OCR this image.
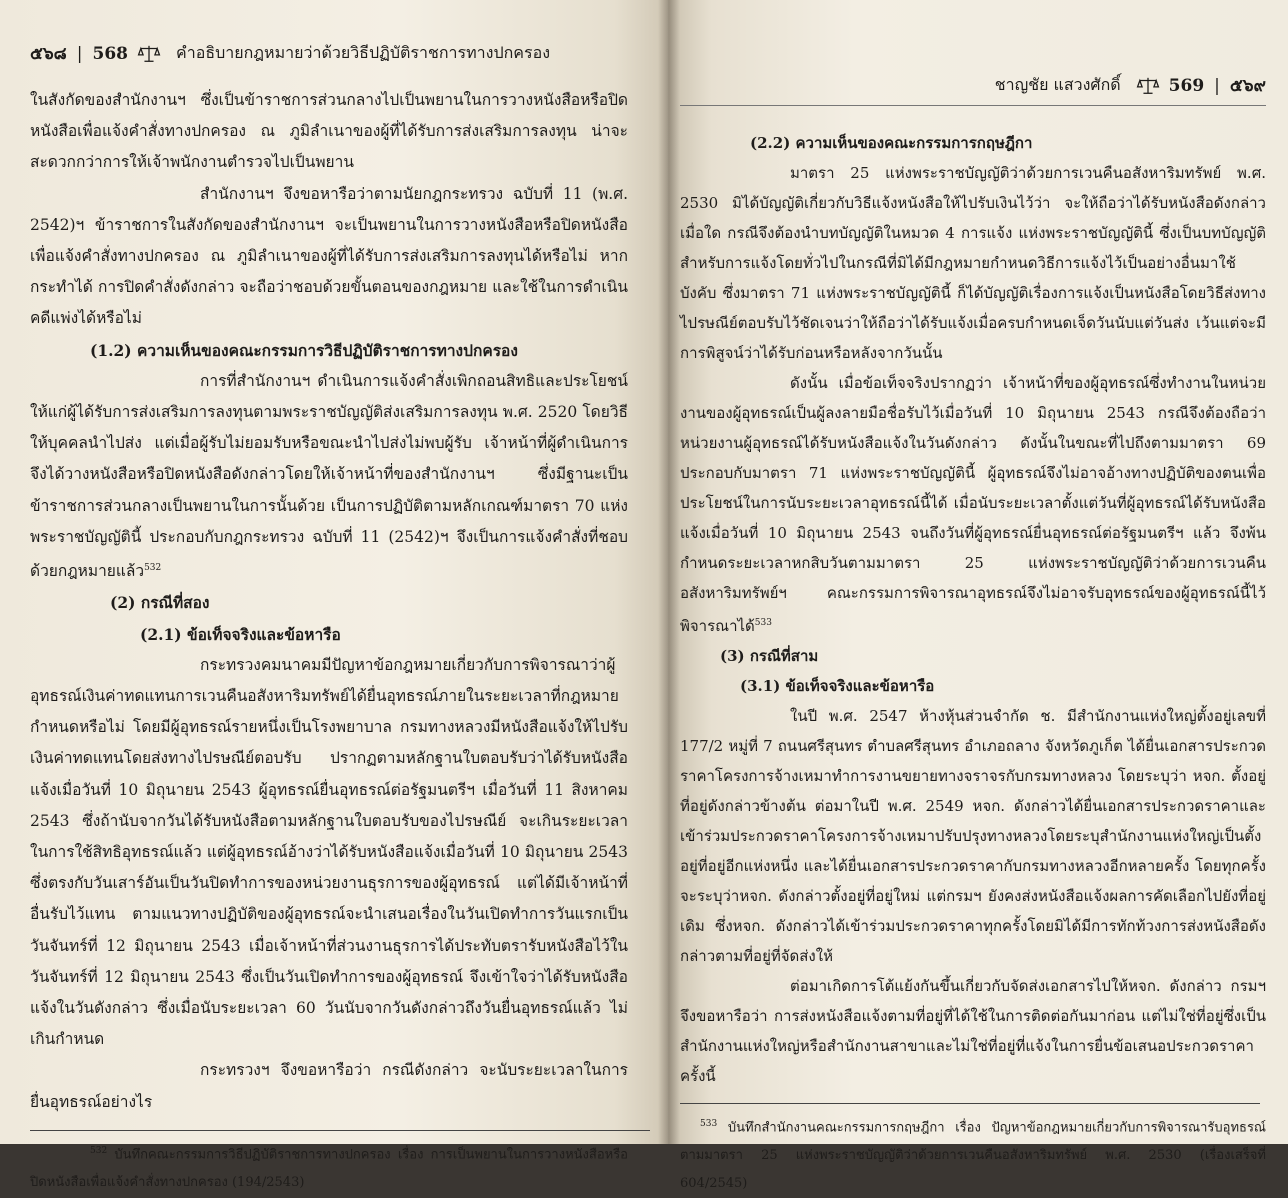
๕๖๘ | 568	คำอธิบายกฎหมายว่าด้วยวิธีปฏิบัติราชการทางปกครอง

ในสังกัดของสำนักงานฯ ซึ่งเป็นข้าราชการส่วนกลางไปเป็นพยานในการวางหนังสือหรือปิดหนังสือเพื่อแจ้งคำสั่งทางปกครอง ณ ภูมิลำเนาของผู้ที่ได้รับการส่งเสริมการลงทุน น่าจะสะดวกกว่าการให้เจ้าพนักงานตำรวจไปเป็นพยาน

สำนักงานฯ จึงขอหารือว่าตามนัยกฎกระทรวง ฉบับที่ 11 (พ.ศ. 2542)ฯ ข้าราชการในสังกัดของสำนักงานฯ จะเป็นพยานในการวางหนังสือหรือปิดหนังสือเพื่อแจ้งคำสั่งทางปกครอง ณ ภูมิลำเนาของผู้ที่ได้รับการส่งเสริมการลงทุนได้หรือไม่ หากกระทำได้ การปิดคำสั่งดังกล่าว จะถือว่าชอบด้วยขั้นตอนของกฎหมาย และใช้ในการดำเนินคดีแพ่งได้หรือไม่

(1.2) ความเห็นของคณะกรรมการวิธีปฏิบัติราชการทางปกครอง

การที่สำนักงานฯ ดำเนินการแจ้งคำสั่งเพิกถอนสิทธิและประโยชน์ให้แก่ผู้ได้รับการส่งเสริมการลงทุนตามพระราชบัญญัติส่งเสริมการลงทุน พ.ศ. 2520 โดยวิธีให้บุคคลนำไปส่ง แต่เมื่อผู้รับไม่ยอมรับหรือขณะนำไปส่งไม่พบผู้รับ เจ้าหน้าที่ผู้ดำเนินการ จึงได้วางหนังสือหรือปิดหนังสือดังกล่าวโดยให้เจ้าหน้าที่ของสำนักงานฯ ซึ่งมีฐานะเป็นข้าราชการส่วนกลางเป็นพยานในการนั้นด้วย เป็นการปฏิบัติตามหลักเกณฑ์มาตรา 70 แห่งพระราชบัญญัตินี้ ประกอบกับกฎกระทรวง ฉบับที่ 11 (2542)ฯ จึงเป็นการแจ้งคำสั่งที่ชอบด้วยกฎหมายแล้ว$^{532}$

(2) กรณีที่สอง

(2.1) ข้อเท็จจริงและข้อหารือ

กระทรวงคมนาคมมีปัญหาข้อกฎหมายเกี่ยวกับการพิจารณาว่าผู้อุทธรณ์เงินค่าทดแทนการเวนคืนอสังหาริมทรัพย์ได้ยื่นอุทธรณ์ภายในระยะเวลาที่กฎหมายกำหนดหรือไม่ โดยมีผู้อุทธรณ์รายหนึ่งเป็นโรงพยาบาล กรมทางหลวงมีหนังสือแจ้งให้ไปรับเงินค่าทดแทนโดยส่งทางไปรษณีย์ตอบรับ ปรากฏตามหลักฐานใบตอบรับว่าได้รับหนังสือแจ้งเมื่อวันที่ 10 มิถุนายน 2543 ผู้อุทธรณ์ยื่นอุทธรณ์ต่อรัฐมนตรีฯ เมื่อวันที่ 11 สิงหาคม 2543 ซึ่งถ้านับจากวันได้รับหนังสือตามหลักฐานใบตอบรับของไปรษณีย์ จะเกินระยะเวลาในการใช้สิทธิอุทธรณ์แล้ว แต่ผู้อุทธรณ์อ้างว่าได้รับหนังสือแจ้งเมื่อวันที่ 10 มิถุนายน 2543 ซึ่งตรงกับวันเสาร์อันเป็นวันปิดทำการของหน่วยงานธุรการของผู้อุทธรณ์ แต่ได้มีเจ้าหน้าที่อื่นรับไว้แทน ตามแนวทางปฏิบัติของผู้อุทธรณ์จะนำเสนอเรื่องในวันเปิดทำการวันแรกเป็นวันจันทร์ที่ 12 มิถุนายน 2543 เมื่อเจ้าหน้าที่ส่วนงานธุรการได้ประทับตรารับหนังสือไว้ในวันจันทร์ที่ 12 มิถุนายน 2543 ซึ่งเป็นวันเปิดทำการของผู้อุทธรณ์ จึงเข้าใจว่าได้รับหนังสือแจ้งในวันดังกล่าว ซึ่งเมื่อนับระยะเวลา 60 วันนับจากวันดังกล่าวถึงวันยื่นอุทธรณ์แล้ว ไม่เกินกำหนด

กระทรวงฯ จึงขอหารือว่า กรณีดังกล่าว จะนับระยะเวลาในการยื่นอุทธรณ์อย่างไร

$^{532}$ บันทึกคณะกรรมการวิธีปฏิบัติราชการทางปกครอง เรื่อง การเป็นพยานในการวางหนังสือหรือปิดหนังสือเพื่อแจ้งคำสั่งทางปกครอง (194/2543)

ชาญชัย แสวงศักดิ์	569 | ๕๖๙

(2.2) ความเห็นของคณะกรรมการกฤษฎีกา

มาตรา 25 แห่งพระราชบัญญัติว่าด้วยการเวนคืนอสังหาริมทรัพย์ พ.ศ. 2530 มิได้บัญญัติเกี่ยวกับวิธีแจ้งหนังสือให้ไปรับเงินไว้ว่า จะให้ถือว่าได้รับหนังสือดังกล่าวเมื่อใด กรณีจึงต้องนำบทบัญญัติในหมวด 4 การแจ้ง แห่งพระราชบัญญัตินี้ ซึ่งเป็นบทบัญญัติสำหรับการแจ้งโดยทั่วไปในกรณีที่มิได้มีกฎหมายกำหนดวิธีการแจ้งไว้เป็นอย่างอื่นมาใช้บังคับ ซึ่งมาตรา 71 แห่งพระราชบัญญัตินี้ ก็ได้บัญญัติเรื่องการแจ้งเป็นหนังสือโดยวิธีส่งทางไปรษณีย์ตอบรับไว้ชัดเจนว่าให้ถือว่าได้รับแจ้งเมื่อครบกำหนดเจ็ดวันนับแต่วันส่ง เว้นแต่จะมีการพิสูจน์ว่าได้รับก่อนหรือหลังจากวันนั้น

ดังนั้น เมื่อข้อเท็จจริงปรากฏว่า เจ้าหน้าที่ของผู้อุทธรณ์ซึ่งทำงานในหน่วยงานของผู้อุทธรณ์เป็นผู้ลงลายมือชื่อรับไว้เมื่อวันที่ 10 มิถุนายน 2543 กรณีจึงต้องถือว่าหน่วยงานผู้อุทธรณ์ได้รับหนังสือแจ้งในวันดังกล่าว ดังนั้นในขณะที่ไปถึงตามมาตรา 69 ประกอบกับมาตรา 71 แห่งพระราชบัญญัตินี้ ผู้อุทธรณ์จึงไม่อาจอ้างทางปฏิบัติของตนเพื่อประโยชน์ในการนับระยะเวลาอุทธรณ์นี้ได้ เมื่อนับระยะเวลาตั้งแต่วันที่ผู้อุทธรณ์ได้รับหนังสือแจ้งเมื่อวันที่ 10 มิถุนายน 2543 จนถึงวันที่ผู้อุทธรณ์ยื่นอุทธรณ์ต่อรัฐมนตรีฯ แล้ว จึงพ้นกำหนดระยะเวลาหกสิบวันตามมาตรา 25 แห่งพระราชบัญญัติว่าด้วยการเวนคืนอสังหาริมทรัพย์ฯ คณะกรรมการพิจารณาอุทธรณ์จึงไม่อาจรับอุทธรณ์ของผู้อุทธรณ์นี้ไว้พิจารณาได้$^{533}$

(3) กรณีที่สาม

(3.1) ข้อเท็จจริงและข้อหารือ

ในปี พ.ศ. 2547 ห้างหุ้นส่วนจำกัด ช. มีสำนักงานแห่งใหญ่ตั้งอยู่เลขที่ 177/2 หมู่ที่ 7 ถนนศรีสุนทร ตำบลศรีสุนทร อำเภอถลาง จังหวัดภูเก็ต ได้ยื่นเอกสารประกวดราคาโครงการจ้างเหมาทำการงานขยายทางจราจรกับกรมทางหลวง โดยระบุว่า หจก. ตั้งอยู่ที่อยู่ดังกล่าวข้างต้น ต่อมาในปี พ.ศ. 2549 หจก. ดังกล่าวได้ยื่นเอกสารประกวดราคาและเข้าร่วมประกวดราคาโครงการจ้างเหมาปรับปรุงทางหลวงโดยระบุสำนักงานแห่งใหญ่เป็นตั้งอยู่ที่อยู่อีกแห่งหนึ่ง และได้ยื่นเอกสารประกวดราคากับกรมทางหลวงอีกหลายครั้ง โดยทุกครั้งจะระบุว่าหจก. ดังกล่าวตั้งอยู่ที่อยู่ใหม่ แต่กรมฯ ยังคงส่งหนังสือแจ้งผลการคัดเลือกไปยังที่อยู่เดิม ซึ่งหจก. ดังกล่าวได้เข้าร่วมประกวดราคาทุกครั้งโดยมิได้มีการทักท้วงการส่งหนังสือดังกล่าวตามที่อยู่ที่จัดส่งให้

ต่อมาเกิดการโต้แย้งกันขึ้นเกี่ยวกับจัดส่งเอกสารไปให้หจก. ดังกล่าว กรมฯ จึงขอหารือว่า การส่งหนังสือแจ้งตามที่อยู่ที่ได้ใช้ในการติดต่อกันมาก่อน แต่ไม่ใช่ที่อยู่ซึ่งเป็นสำนักงานแห่งใหญ่หรือสำนักงานสาขาและไม่ใช่ที่อยู่ที่แจ้งในการยื่นข้อเสนอประกวดราคาครั้งนี้

$^{533}$ บันทึกสำนักงานคณะกรรมการกฤษฎีกา เรื่อง ปัญหาข้อกฎหมายเกี่ยวกับการพิจารณารับอุทธรณ์ตามมาตรา 25 แห่งพระราชบัญญัติว่าด้วยการเวนคืนอสังหาริมทรัพย์ พ.ศ. 2530 (เรื่องเสร็จที่ 604/2545)
